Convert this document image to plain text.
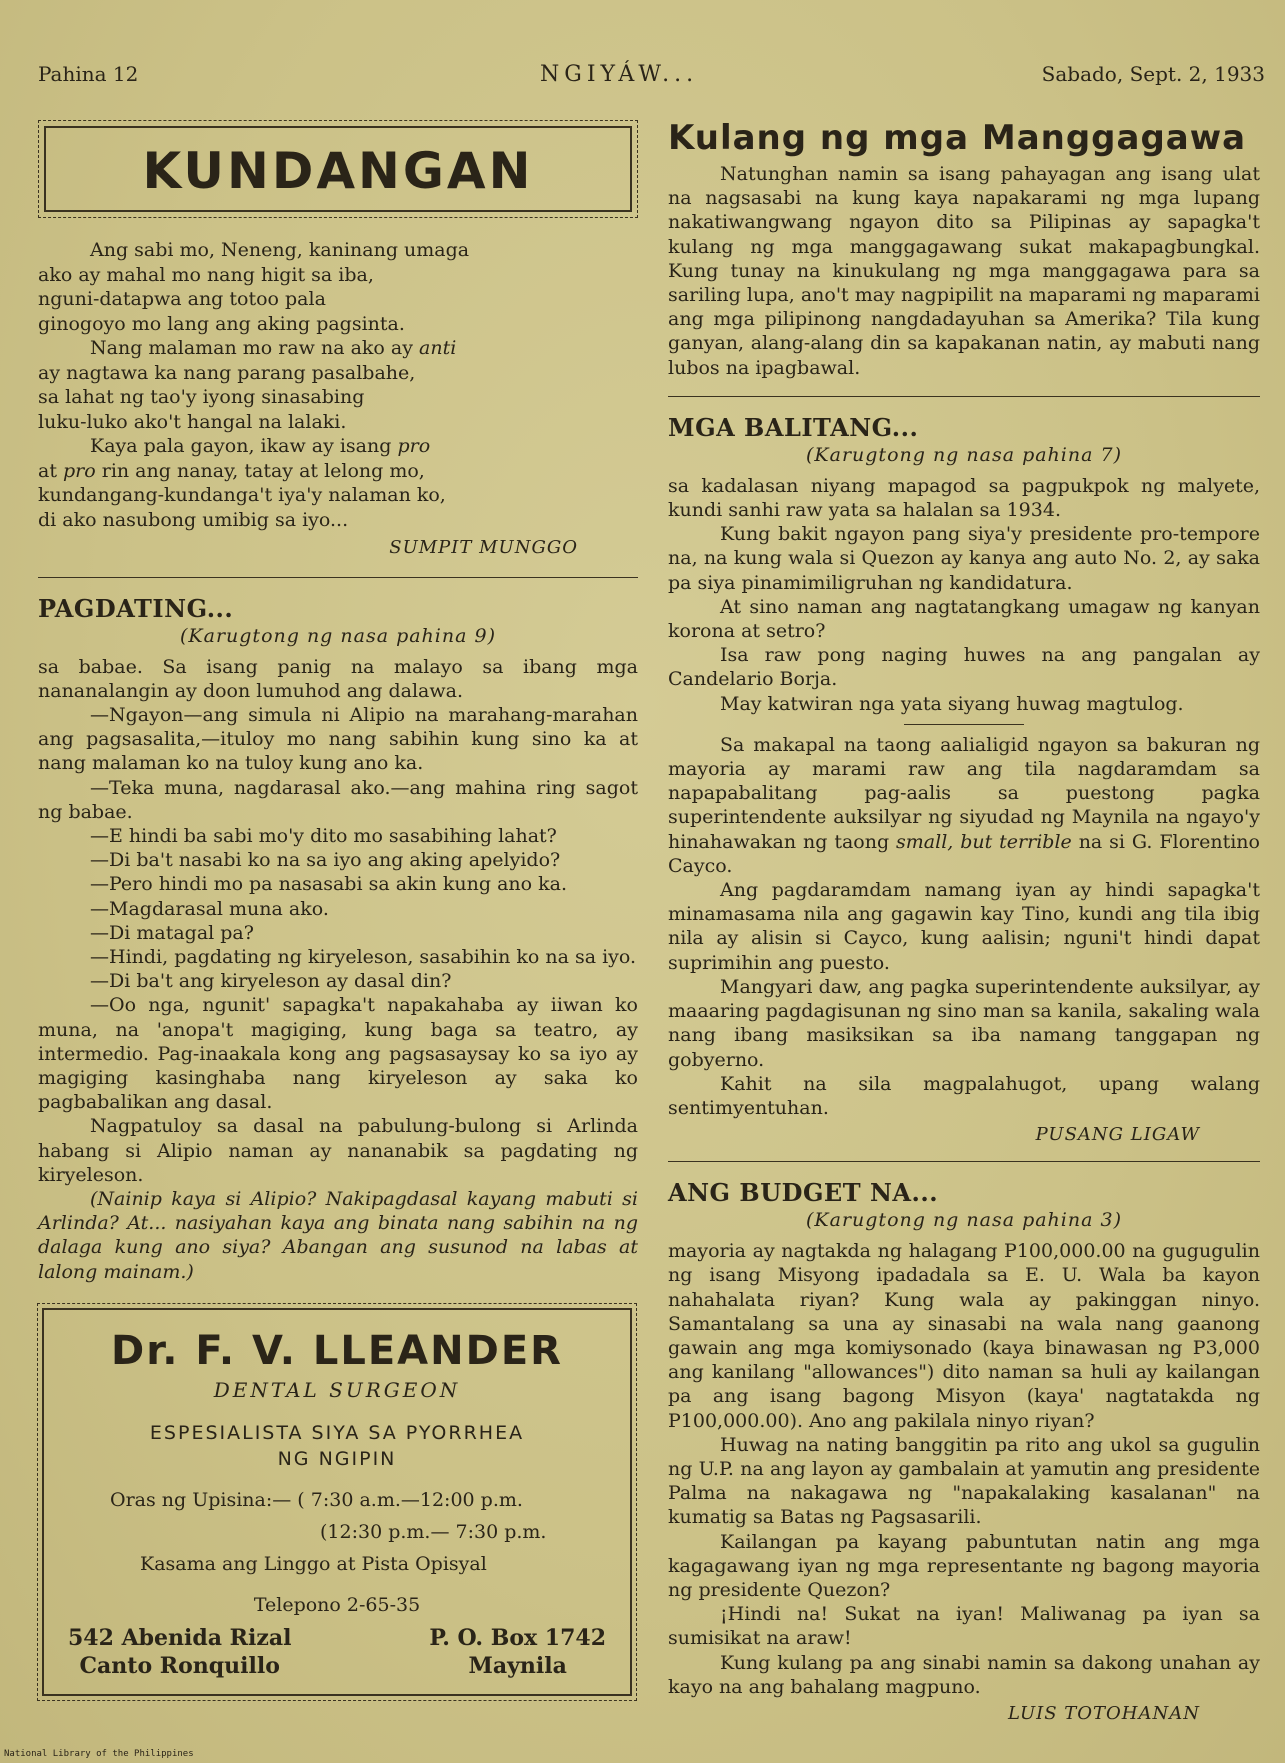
Pahina 12	NGIYÁW...	Sabado, Sept. 2, 1933
KUNDANGAN

Ang sabi mo, Neneng, kaninang umaga

ako ay mahal mo nang higit sa iba,

nguni-datapwa ang totoo pala

ginogoyo mo lang ang aking pagsinta.

Nang malaman mo raw na ako ay anti

ay nagtawa ka nang parang pasalbahe,

sa lahat ng tao'y iyong sinasabing

luku-luko ako't hangal na lalaki.

Kaya pala gayon, ikaw ay isang pro

at pro rin ang nanay, tatay at lelong mo,

kundangang-kundanga't iya'y nalaman ko,

di ako nasubong umibig sa iyo...

SUMPIT MUNGGO
PAGDATING...
(Karugtong ng nasa pahina 9)

sa babae. Sa isang panig na malayo sa ibang mga nananalangin ay doon lumuhod ang dalawa.

—Ngayon—ang simula ni Alipio na marahang-marahan ang pagsasalita,—ituloy mo nang sabihin kung sino ka at nang malaman ko na tuloy kung ano ka.

—Teka muna, nagdarasal ako.—ang mahina ring sagot ng babae.

—E hindi ba sabi mo'y dito mo sasabihing lahat?

—Di ba't nasabi ko na sa iyo ang aking apelyido?

—Pero hindi mo pa nasasabi sa akin kung ano ka.

—Magdarasal muna ako.

—Di matagal pa?

—Hindi, pagdating ng kiryeleson, sasabihin ko na sa iyo.

—Di ba't ang kiryeleson ay dasal din?

—Oo nga, ngunit' sapagka't napakahaba ay iiwan ko muna, na 'anopa't magiging, kung baga sa teatro, ay intermedio. Pag-inaakala kong ang pagsasaysay ko sa iyo ay magiging kasinghaba nang kiryeleson ay saka ko pagbabalikan ang dasal.

Nagpatuloy sa dasal na pabulung-bulong si Arlinda habang si Alipio naman ay nananabik sa pagdating ng kiryeleson.

(Nainip kaya si Alipio? Nakipagdasal kayang mabuti si Arlinda? At... nasiyahan kaya ang binata nang sabihin na ng dalaga kung ano siya? Abangan ang susunod na labas at lalong mainam.)

Dr. F. V. LLEANDER
DENTAL SURGEON

ESPESIALISTA SIYA SA PYORRHEA

NG NGIPIN

Oras ng Upisina:— ( 7:30 a.m.—12:00 p.m.
(12:30 p.m.— 7:30 p.m.
Kasama ang Linggo at Pista Opisyal
Telepono 2-65-35
542 Abenida Rizal
Canto Ronquillo
P. O. Box 1742
Maynila
Kulang ng mga Manggagawa

Natunghan namin sa isang pahayagan ang isang ulat na nagsasabi na kung kaya napakarami ng mga lupang nakatiwangwang ngayon dito sa Pilipinas ay sapagka't kulang ng mga manggagawang sukat makapagbungkal. Kung tunay na kinukulang ng mga manggagawa para sa sariling lupa, ano't may nagpipilit na maparami ng maparami ang mga pilipinong nangdadayuhan sa Amerika? Tila kung ganyan, alang-alang din sa kapakanan natin, ay mabuti nang lubos na ipagbawal.

MGA BALITANG...
(Karugtong ng nasa pahina 7)

sa kadalasan niyang mapagod sa pagpukpok ng malyete, kundi sanhi raw yata sa halalan sa 1934.

Kung bakit ngayon pang siya'y presidente pro-tempore na, na kung wala si Quezon ay kanya ang auto No. 2, ay saka pa siya pinamimiligruhan ng kandidatura.

At sino naman ang nagtatangkang umagaw ng kanyan korona at setro?

Isa raw pong naging huwes na ang pangalan ay Candelario Borja.

May katwiran nga yata siyang huwag magtulog.

Sa makapal na taong aalialigid ngayon sa bakuran ng mayoria ay marami raw ang tila nagdaramdam sa napapabalitang pag-aalis sa puestong pagka superintendente auksilyar ng siyudad ng Maynila na ngayo'y hinahawakan ng taong small, but terrible na si G. Florentino Cayco.

Ang pagdaramdam namang iyan ay hindi sapagka't minamasama nila ang gagawin kay Tino, kundi ang tila ibig nila ay alisin si Cayco, kung aalisin; nguni't hindi dapat suprimihin ang puesto.

Mangyari daw, ang pagka superintendente auksilyar, ay maaaring pagdagisunan ng sino man sa kanila, sakaling wala nang ibang masiksikan sa iba namang tanggapan ng gobyerno.

Kahit na sila magpalahugot, upang walang sentimyentuhan.

PUSANG LIGAW
ANG BUDGET NA...
(Karugtong ng nasa pahina 3)

mayoria ay nagtakda ng halagang P100,000.00 na gugugulin ng isang Misyong ipadadala sa E. U. Wala ba kayon nahahalata riyan? Kung wala ay pakinggan ninyo. Samantalang sa una ay sinasabi na wala nang gaanong gawain ang mga komiysonado (kaya binawasan ng P3,000 ang kanilang "allowances") dito naman sa huli ay kailangan pa ang isang bagong Misyon (kaya' nagtatakda ng P100,000.00). Ano ang pakilala ninyo riyan?

Huwag na nating banggitin pa rito ang ukol sa gugulin ng U.P. na ang layon ay gambalain at yamutin ang presidente Palma na nakagawa ng "napakalaking kasalanan" na kumatig sa Batas ng Pagsasarili.

Kailangan pa kayang pabuntutan natin ang mga kagagawang iyan ng mga representante ng bagong mayoria ng presidente Quezon?

¡Hindi na! Sukat na iyan! Maliwanag pa iyan sa sumisikat na araw!

Kung kulang pa ang sinabi namin sa dakong unahan ay kayo na ang bahalang magpuno.

LUIS TOTOHANAN
National Library of the Philippines
